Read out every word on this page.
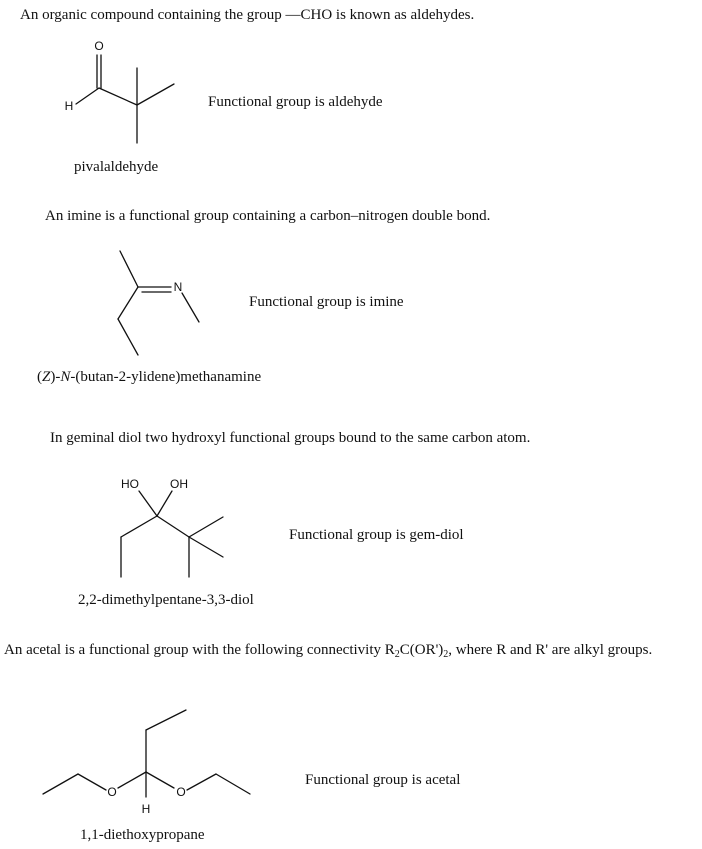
An organic compound containing the group —CHO is known as aldehydes.
O
H	Functional group is aldehyde
pivalaldehyde
An imine is a functional group containing a carbon–nitrogen double bond.
N
Functional group is imine
(Z)-N-(butan-2-ylidene)methanamine
In geminal diol two hydroxyl functional groups bound to the same carbon atom.
HO	OH
Functional group is gem-diol
2,2-dimethylpentane-3,3-diol
An acetal is a functional group with the following connectivity $R_2C(OR')_2$, where R and R' are alkyl groups.
O	O
H
Functional group is acetal
1,1-diethoxypropane
